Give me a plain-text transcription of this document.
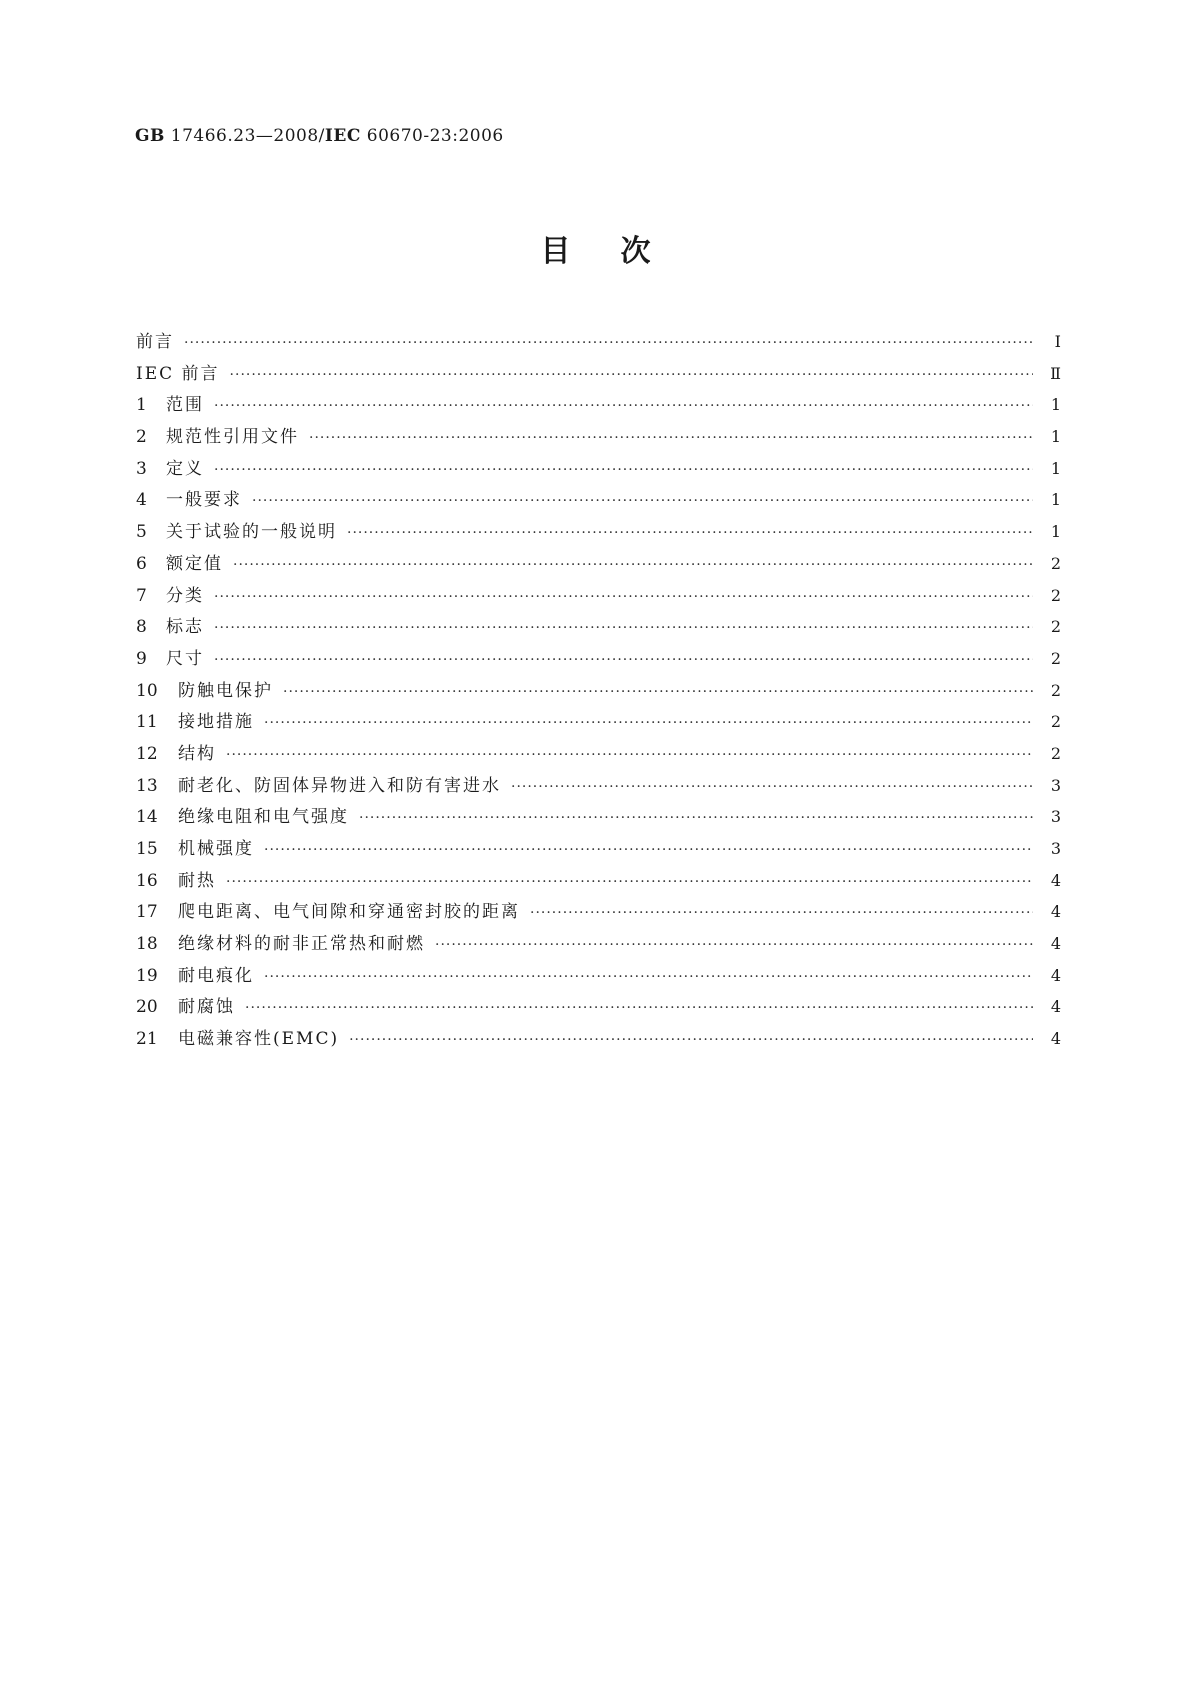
GB 17466.23—2008/IEC 60670-23:2006
目次
前言 ·····	Ⅰ
IEC 前言 ·····	Ⅱ
1	范围 ·····	1
2	规范性引用文件 ·····	1
3	定义 ·····	1
4	一般要求 ·····	1
5	关于试验的一般说明 ·····	1
6	额定值 ·····	2
7	分类 ·····	2
8	标志 ·····	2
9	尺寸 ·····	2
10	防触电保护 ·····	2
11	接地措施 ·····	2
12	结构 ·····	2
13	耐老化、防固体异物进入和防有害进水 ·····	3
14	绝缘电阻和电气强度 ·····	3
15	机械强度 ·····	3
16	耐热 ·····	4
17	爬电距离、电气间隙和穿通密封胶的距离 ·····	4
18	绝缘材料的耐非正常热和耐燃 ·····	4
19	耐电痕化 ·····	4
20	耐腐蚀 ·····	4
21	电磁兼容性(EMC) ·····	4
